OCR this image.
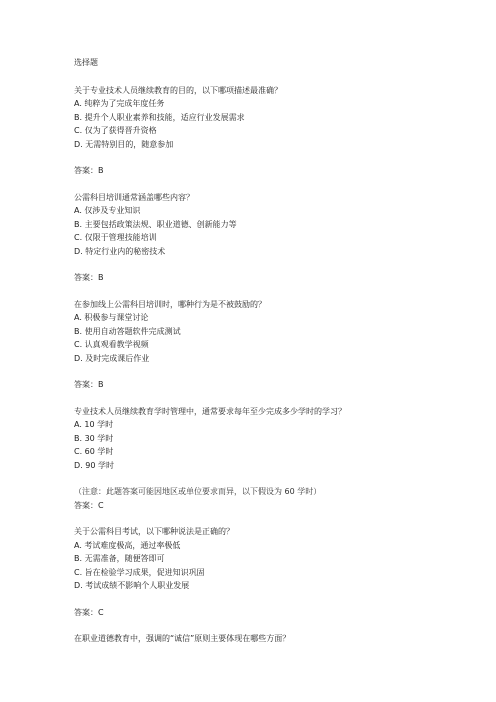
选择题
关于专业技术人员继续教育的目的，以下哪项描述最准确？
A. 纯粹为了完成年度任务
B. 提升个人职业素养和技能，适应行业发展需求
C. 仅为了获得晋升资格
D. 无需特别目的，随意参加
答案：B
公需科目培训通常涵盖哪些内容？
A. 仅涉及专业知识
B. 主要包括政策法规、职业道德、创新能力等
C. 仅限于管理技能培训
D. 特定行业内的秘密技术
答案：B
在参加线上公需科目培训时，哪种行为是不被鼓励的？
A. 积极参与课堂讨论
B. 使用自动答题软件完成测试
C. 认真观看教学视频
D. 及时完成课后作业
答案：B
专业技术人员继续教育学时管理中，通常要求每年至少完成多少学时的学习？
A. 10 学时
B. 30 学时
C. 60 学时
D. 90 学时
（注意：此题答案可能因地区或单位要求而异，以下假设为 60 学时）
答案：C
关于公需科目考试，以下哪种说法是正确的？
A. 考试难度极高，通过率极低
B. 无需准备，随便答即可
C. 旨在检验学习成果，促进知识巩固
D. 考试成绩不影响个人职业发展
答案：C
在职业道德教育中，强调的“诚信”原则主要体现在哪些方面？
